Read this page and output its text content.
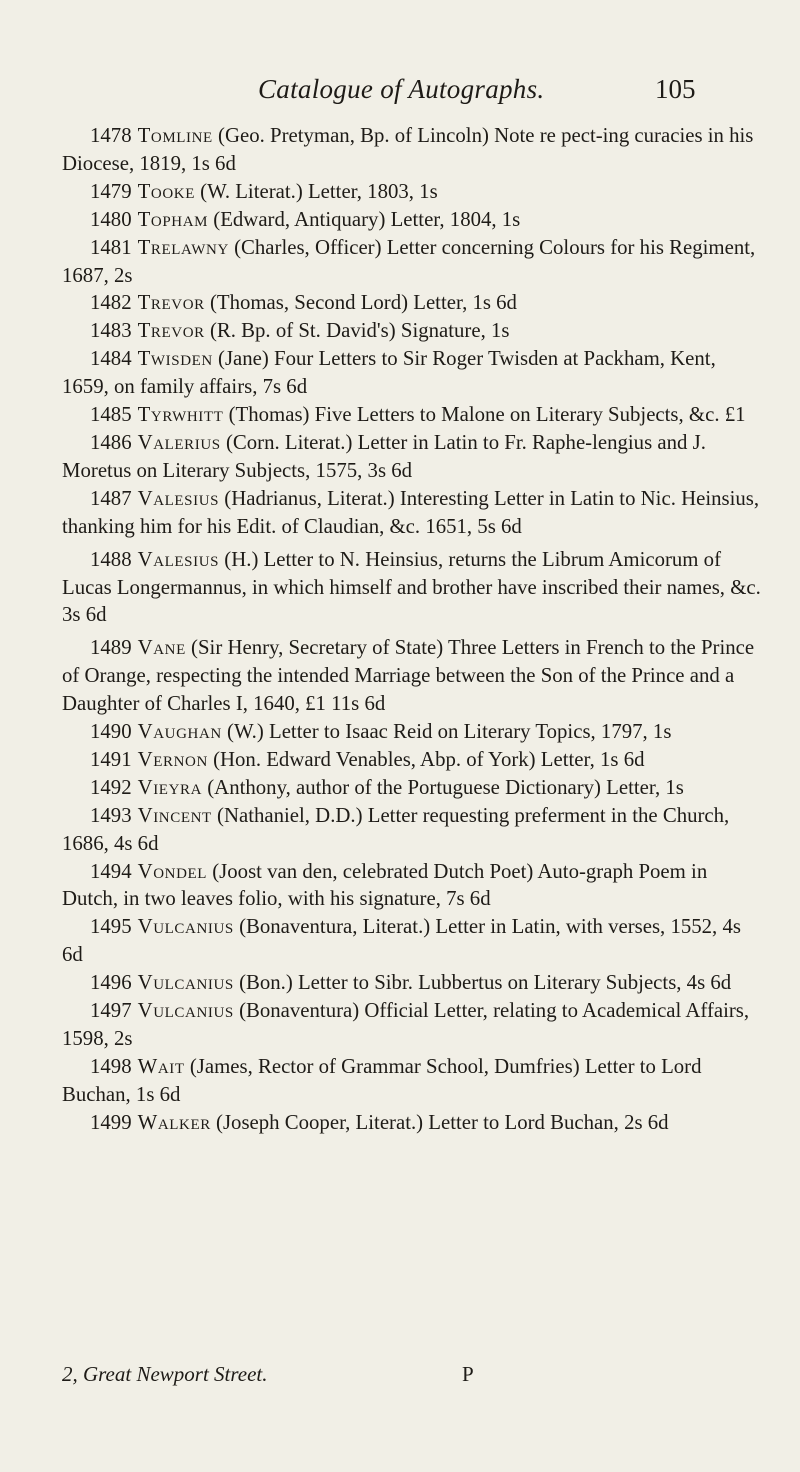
Catalogue of Autographs.	105

1478 Tomline (Geo. Pretyman, Bp. of Lincoln) Note re pect-ing curacies in his Diocese, 1819, 1s 6d

1479 Tooke (W. Literat.) Letter, 1803, 1s

1480 Topham (Edward, Antiquary) Letter, 1804, 1s

1481 Trelawny (Charles, Officer) Letter concerning Colours for his Regiment, 1687, 2s

1482 Trevor (Thomas, Second Lord) Letter, 1s 6d

1483 Trevor (R. Bp. of St. David's) Signature, 1s

1484 Twisden (Jane) Four Letters to Sir Roger Twisden at Packham, Kent, 1659, on family affairs, 7s 6d

1485 Tyrwhitt (Thomas) Five Letters to Malone on Literary Subjects, &c. £1

1486 Valerius (Corn. Literat.) Letter in Latin to Fr. Raphe-lengius and J. Moretus on Literary Subjects, 1575, 3s 6d

1487 Valesius (Hadrianus, Literat.) Interesting Letter in Latin to Nic. Heinsius, thanking him for his Edit. of Claudian, &c. 1651, 5s 6d

1488 Valesius (H.) Letter to N. Heinsius, returns the Librum Amicorum of Lucas Longermannus, in which himself and brother have inscribed their names, &c. 3s 6d

1489 Vane (Sir Henry, Secretary of State) Three Letters in French to the Prince of Orange, respecting the intended Marriage between the Son of the Prince and a Daughter of Charles I, 1640, £1 11s 6d

1490 Vaughan (W.) Letter to Isaac Reid on Literary Topics, 1797, 1s

1491 Vernon (Hon. Edward Venables, Abp. of York) Letter, 1s 6d

1492 Vieyra (Anthony, author of the Portuguese Dictionary) Letter, 1s

1493 Vincent (Nathaniel, D.D.) Letter requesting preferment in the Church, 1686, 4s 6d

1494 Vondel (Joost van den, celebrated Dutch Poet) Auto-graph Poem in Dutch, in two leaves folio, with his signature, 7s 6d

1495 Vulcanius (Bonaventura, Literat.) Letter in Latin, with verses, 1552, 4s 6d

1496 Vulcanius (Bon.) Letter to Sibr. Lubbertus on Literary Subjects, 4s 6d

1497 Vulcanius (Bonaventura) Official Letter, relating to Academical Affairs, 1598, 2s

1498 Wait (James, Rector of Grammar School, Dumfries) Letter to Lord Buchan, 1s 6d

1499 Walker (Joseph Cooper, Literat.) Letter to Lord Buchan, 2s 6d

2, Great Newport Street.	P
